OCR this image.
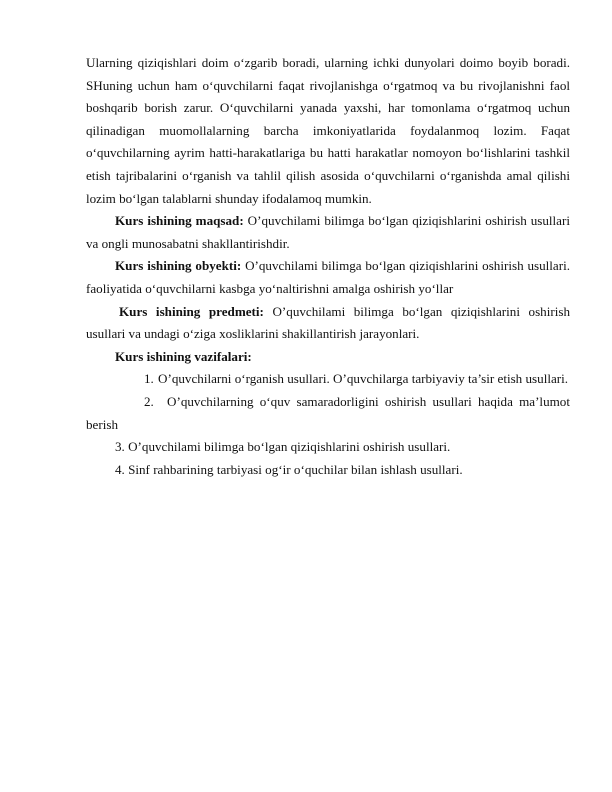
Ularning qiziqishlari doim o‘zgarib boradi, ularning ichki dunyolari doimo boyib boradi. SHuning uchun ham o‘quvchilarni faqat rivojlanishga o‘rgatmoq va bu rivojlanishni faol boshqarib borish zarur. O‘quvchilarni yanada yaxshi, har tomonlama o‘rgatmoq uchun qilinadigan muomollalarning barcha imkoniyatlarida foydalanmoq lozim. Faqat o‘quvchilarning ayrim hatti-harakatlariga bu hatti harakatlar nomoyon bo‘lishlarini tashkil etish tajribalarini o‘rganish va tahlil qilish asosida o‘quvchilarni o‘rganishda amal qilishi lozim bo‘lgan talablarni shunday ifodalamoq mumkin.

Kurs ishining maqsad: O’quvchilami bilimga bo‘lgan qiziqishlarini oshirish usullari va ongli munosabatni shakllantirishdir.

Kurs ishining obyekti: O’quvchilami bilimga bo‘lgan qiziqishlarini oshirish usullari. faoliyatida o‘quvchilarni kasbga yo‘naltirishni amalga oshirish yo‘llar

Kurs ishining predmeti: O’quvchilami bilimga bo‘lgan qiziqishlarini oshirish usullari va undagi o‘ziga xosliklarini shakillantirish jarayonlari.

Kurs ishining vazifalari:

1. O’quvchilarni o‘rganish usullari. O’quvchilarga tarbiyaviy ta’sir etish usullari.

2. O’quvchilarning o‘quv samaradorligini oshirish usullari haqida ma’lumot berish

3. O’quvchilami bilimga bo‘lgan qiziqishlarini oshirish usullari.

4. Sinf rahbarining tarbiyasi og‘ir o‘quchilar bilan ishlash usullari.
